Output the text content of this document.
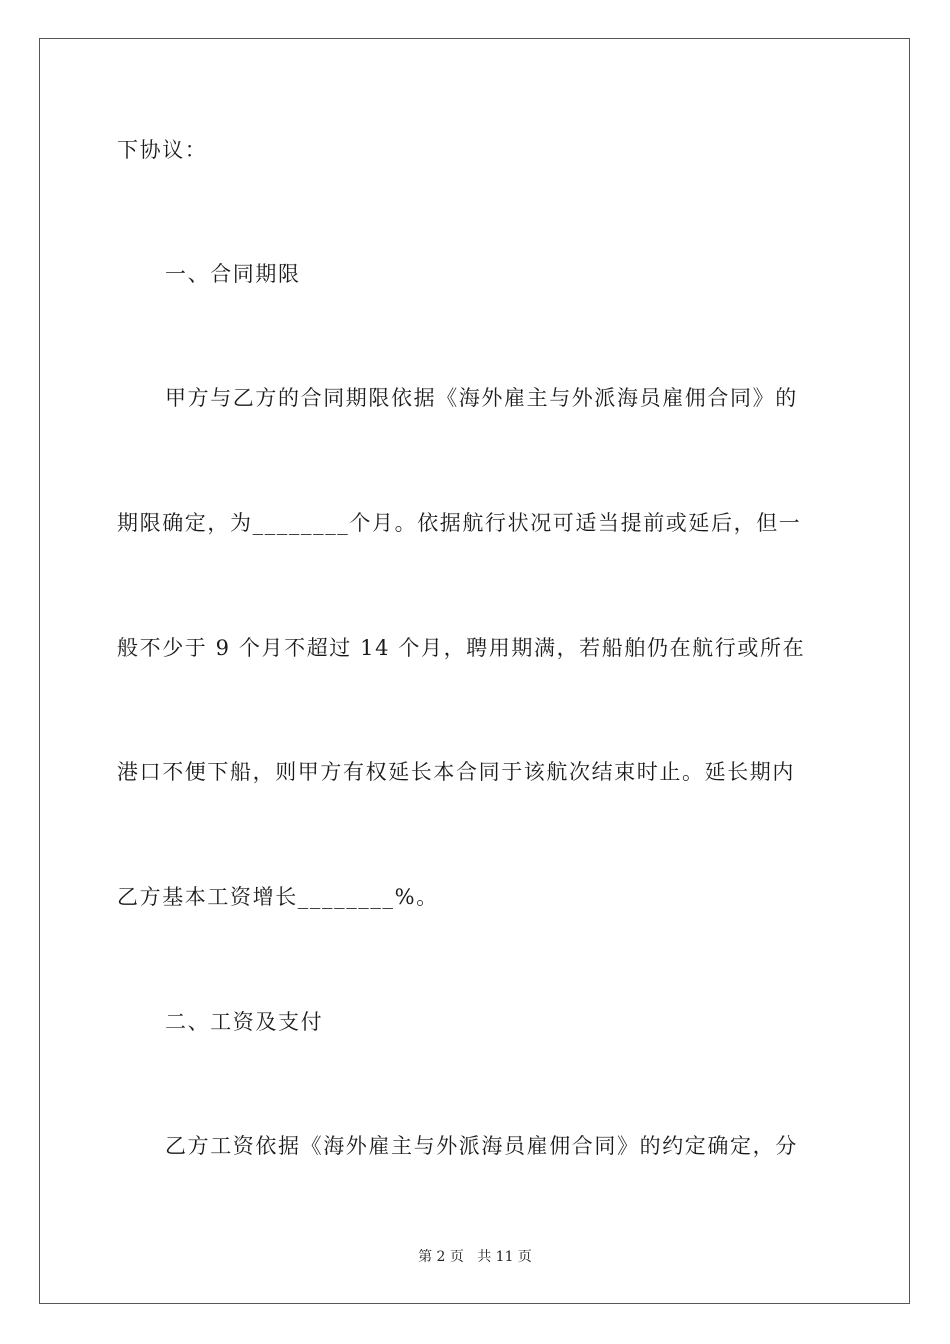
下协议：
一、合同期限
甲方与乙方的合同期限依据《海外雇主与外派海员雇佣合同》的
期限确定，为________个月。依据航行状况可适当提前或延后，但一
般不少于 9 个月不超过 14 个月，聘用期满，若船舶仍在航行或所在
港口不便下船，则甲方有权延长本合同于该航次结束时止。延长期内
乙方基本工资增长________%。
二、工资及支付
乙方工资依据《海外雇主与外派海员雇佣合同》的约定确定，分
第 2 页   共 11 页
